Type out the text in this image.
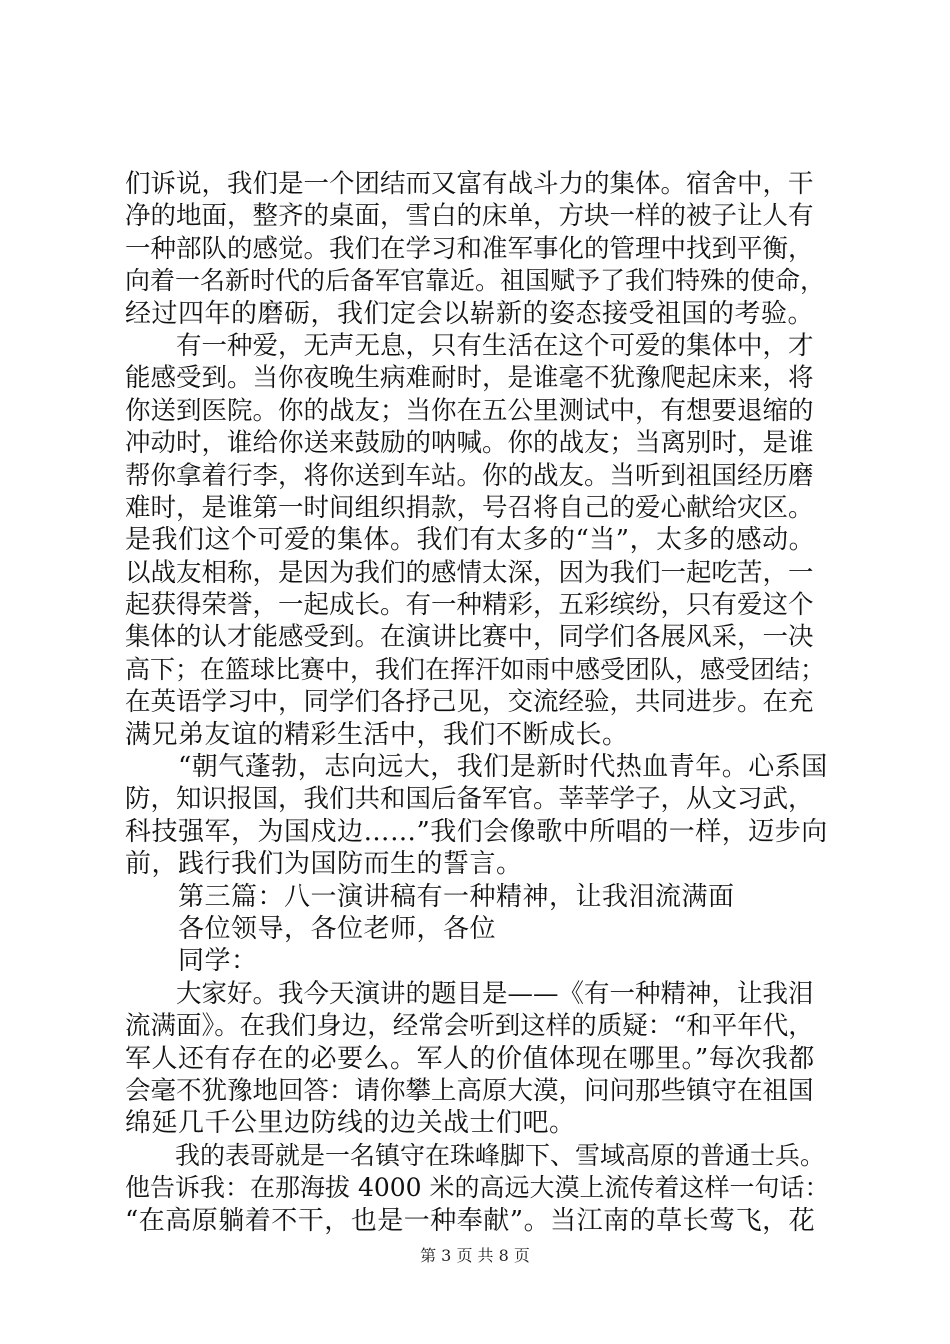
们诉说，我们是一个团结而又富有战斗力的集体。宿舍中，干
净的地面，整齐的桌面，雪白的床单，方块一样的被子让人有
一种部队的感觉。我们在学习和准军事化的管理中找到平衡，
向着一名新时代的后备军官靠近。祖国赋予了我们特殊的使命，
经过四年的磨砺，我们定会以崭新的姿态接受祖国的考验。
　　有一种爱，无声无息，只有生活在这个可爱的集体中，才
能感受到。当你夜晚生病难耐时，是谁毫不犹豫爬起床来，将
你送到医院。你的战友；当你在五公里测试中，有想要退缩的
冲动时，谁给你送来鼓励的呐喊。你的战友；当离别时，是谁
帮你拿着行李，将你送到车站。你的战友。当听到祖国经历磨
难时，是谁第一时间组织捐款，号召将自己的爱心献给灾区。
是我们这个可爱的集体。我们有太多的“当”，太多的感动。
以战友相称，是因为我们的感情太深，因为我们一起吃苦，一
起获得荣誉，一起成长。有一种精彩，五彩缤纷，只有爱这个
集体的认才能感受到。在演讲比赛中，同学们各展风采，一决
高下；在篮球比赛中，我们在挥汗如雨中感受团队，感受团结；
在英语学习中，同学们各抒己见，交流经验，共同进步。在充
满兄弟友谊的精彩生活中，我们不断成长。
　　“朝气蓬勃，志向远大，我们是新时代热血青年。心系国
防，知识报国，我们共和国后备军官。莘莘学子，从文习武，
科技强军，为国戍边……”我们会像歌中所唱的一样，迈步向
前，践行我们为国防而生的誓言。
　　第三篇：八一演讲稿有一种精神，让我泪流满面
　　各位领导，各位老师，各位
　　同学：
　　大家好。我今天演讲的题目是——《有一种精神，让我泪
流满面》。在我们身边，经常会听到这样的质疑：“和平年代，
军人还有存在的必要么。军人的价值体现在哪里。”每次我都
会毫不犹豫地回答：请你攀上高原大漠，问问那些镇守在祖国
绵延几千公里边防线的边关战士们吧。
　　我的表哥就是一名镇守在珠峰脚下、雪域高原的普通士兵。
他告诉我：在那海拔 4000 米的高远大漠上流传着这样一句话：
“在高原躺着不干，也是一种奉献”。当江南的草长莺飞，花
第 3 页 共 8 页
